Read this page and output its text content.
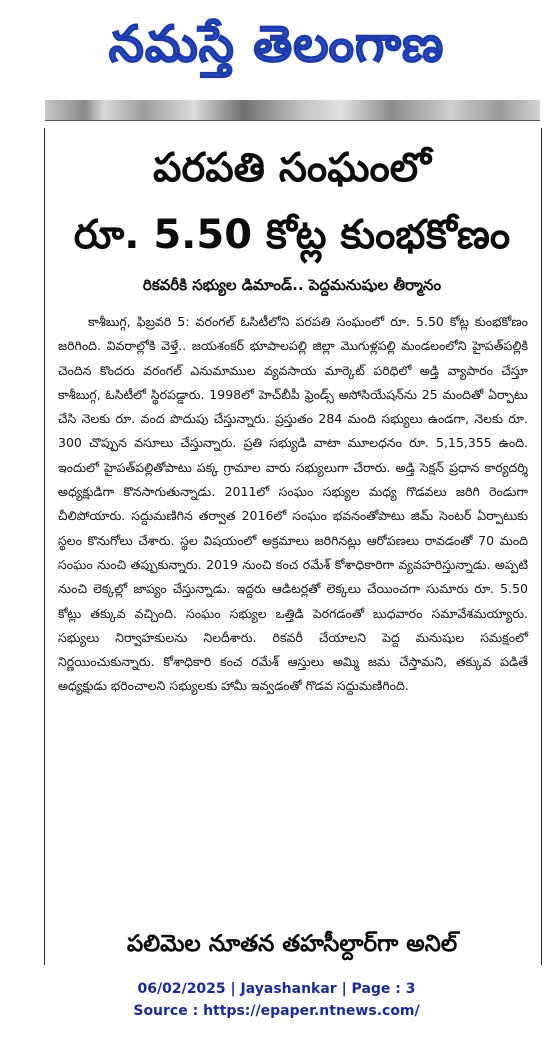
నమస్తే తెలంగాణ
పరపతి సంఘంలో
రూ. 5.50 కోట్ల కుంభకోణం
రికవరీకి సభ్యుల డిమాండ్.. పెద్దమనుషుల తీర్మానం
కాశీబుగ్గ, ఫిబ్రవరి 5: వరంగల్ ఓసిటీలోని పరపతి సంఘంలో రూ. 5.50 కోట్ల కుంభకోణం జరిగింది. వివరాల్లోకి వెళ్తే.. జయశంకర్ భూపాలపల్లి జిల్లా మొగుళ్లపల్లి మండలంలోని హైపత్‌పల్లికి చెందిన కొందరు వరంగల్ ఎనుమాముల వ్యవసాయ మార్కెట్ పరిధిలో అడ్తి వ్యాపారం చేస్తూ కాశీబుగ్గ, ఓసిటీలో స్థిరపడ్డారు. 1998లో హెచ్‌బీపీ ఫ్రెండ్స్ అసోసియేషన్‌ను 25 మందితో ఏర్పాటు చేసి నెలకు రూ. వంద పొదుపు చేస్తున్నారు. ప్రస్తుతం 284 మంది సభ్యులు ఉండగా, నెలకు రూ. 300 చొప్పున వసూలు చేస్తున్నారు. ప్రతి సభ్యుడి వాటా మూలధనం రూ. 5,15,355 ఉంది. ఇందులో హైపత్‌పల్లితోపాటు పక్క గ్రామాల వారు సభ్యులుగా చేరారు. అడ్తి సెక్షన్ ప్రధాన కార్యదర్శి అధ్యక్షుడిగా కొనసాగుతున్నాడు. 2011లో సంఘం సభ్యుల మధ్య గొడవలు జరిగి రెండుగా చీలిపోయారు. సద్దుమణిగిన తర్వాత 2016లో సంఘం భవనంతోపాటు జిమ్ సెంటర్ ఏర్పాటుకు స్థలం కొనుగోలు చేశారు. స్థల విషయంలో అక్రమాలు జరిగినట్లు ఆరోపణలు రావడంతో 70 మంది సంఘం నుంచి తప్పుకున్నారు. 2019 నుంచి కంచ రమేశ్ కోశాధికారిగా వ్యవహరిస్తున్నాడు. అప్పటి నుంచి లెక్కల్లో జాప్యం చేస్తున్నాడు. ఇద్దరు ఆడిటర్లతో లెక్కలు చేయించగా సుమారు రూ. 5.50 కోట్లు తక్కువ వచ్చింది. సంఘం సభ్యుల ఒత్తిడి పెరగడంతో బుధవారం సమావేశమయ్యారు. సభ్యులు నిర్వాహకులను నిలదీశారు. రికవరీ చేయాలని పెద్ద మనుషుల సమక్షంలో నిర్ణయించుకున్నారు. కోశాధికారి కంచ రమేశ్ ఆస్తులు అమ్మి జమ చేస్తామని, తక్కువ పడితే అధ్యక్షుడు భరించాలని సభ్యులకు హామీ ఇవ్వడంతో గొడవ సద్దుమణిగింది.
పలిమెల నూతన తహసీల్దార్‌గా అనిల్
06/02/2025 | Jayashankar | Page : 3
Source : https://epaper.ntnews.com/
